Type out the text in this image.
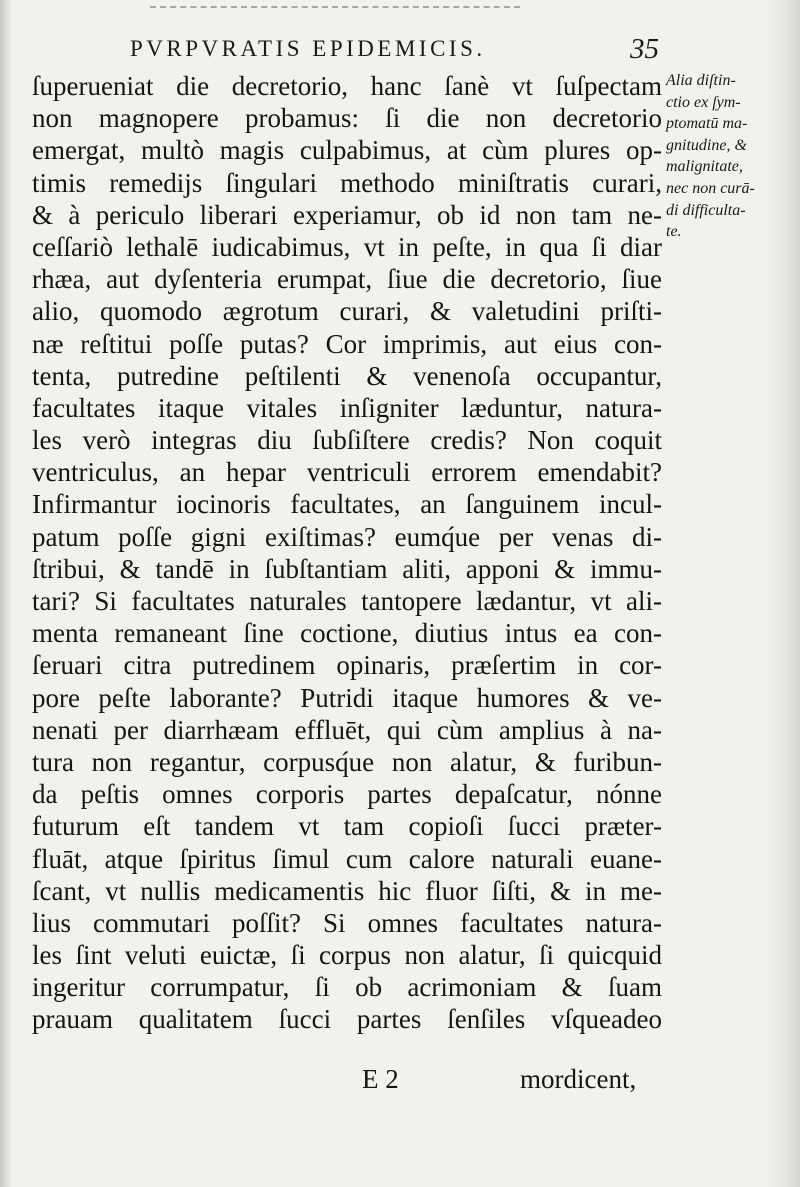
PVRPVRATIS EPIDEMICIS.	35
ſuperueniat die decretorio, hanc ſanè vt ſuſpectam
non magnopere probamus: ſi die non decretorio
emergat, multò magis culpabimus, at cùm plures op-
timis remedijs ſingulari methodo miniſtratis curari,
& à periculo liberari experiamur, ob id non tam ne-
ceſſariò lethalē iudicabimus, vt in peſte, in qua ſi diar
rhæa, aut dyſenteria erumpat, ſiue die decretorio, ſiue
alio, quomodo ægrotum curari, & valetudini priſti-
næ reſtitui poſſe putas? Cor imprimis, aut eius con-
tenta, putredine peſtilenti & venenoſa occupantur,
facultates itaque vitales inſigniter læduntur, natura-
les verò integras diu ſubſiſtere credis? Non coquit
ventriculus, an hepar ventriculi errorem emendabit?
Infirmantur iocinoris facultates, an ſanguinem incul-
patum poſſe gigni exiſtimas? eumq́ue per venas di-
ſtribui, & tandē in ſubſtantiam aliti, apponi & immu-
tari? Si facultates naturales tantopere lædantur, vt ali-
menta remaneant ſine coctione, diutius intus ea con-
ſeruari citra putredinem opinaris, præſertim in cor-
pore peſte laborante? Putridi itaque humores & ve-
nenati per diarrhæam effluēt, qui cùm amplius à na-
tura non regantur, corpusq́ue non alatur, & furibun-
da peſtis omnes corporis partes depaſcatur, nónne
futurum eſt tandem vt tam copioſi ſucci præter-
fluāt, atque ſpiritus ſimul cum calore naturali euane-
ſcant, vt nullis medicamentis hic fluor ſiſti, & in me-
lius commutari poſſit? Si omnes facultates natura-
les ſint veluti euictæ, ſi corpus non alatur, ſi quicquid
ingeritur corrumpatur, ſi ob acrimoniam & ſuam
prauam qualitatem ſucci partes ſenſiles vſqueadeo
Alia diſtin-
ctio ex ſym-
ptomatū ma-
gnitudine, &
malignitate,
nec non curā-
di difficulta-
te.
E 2	mordicent,
